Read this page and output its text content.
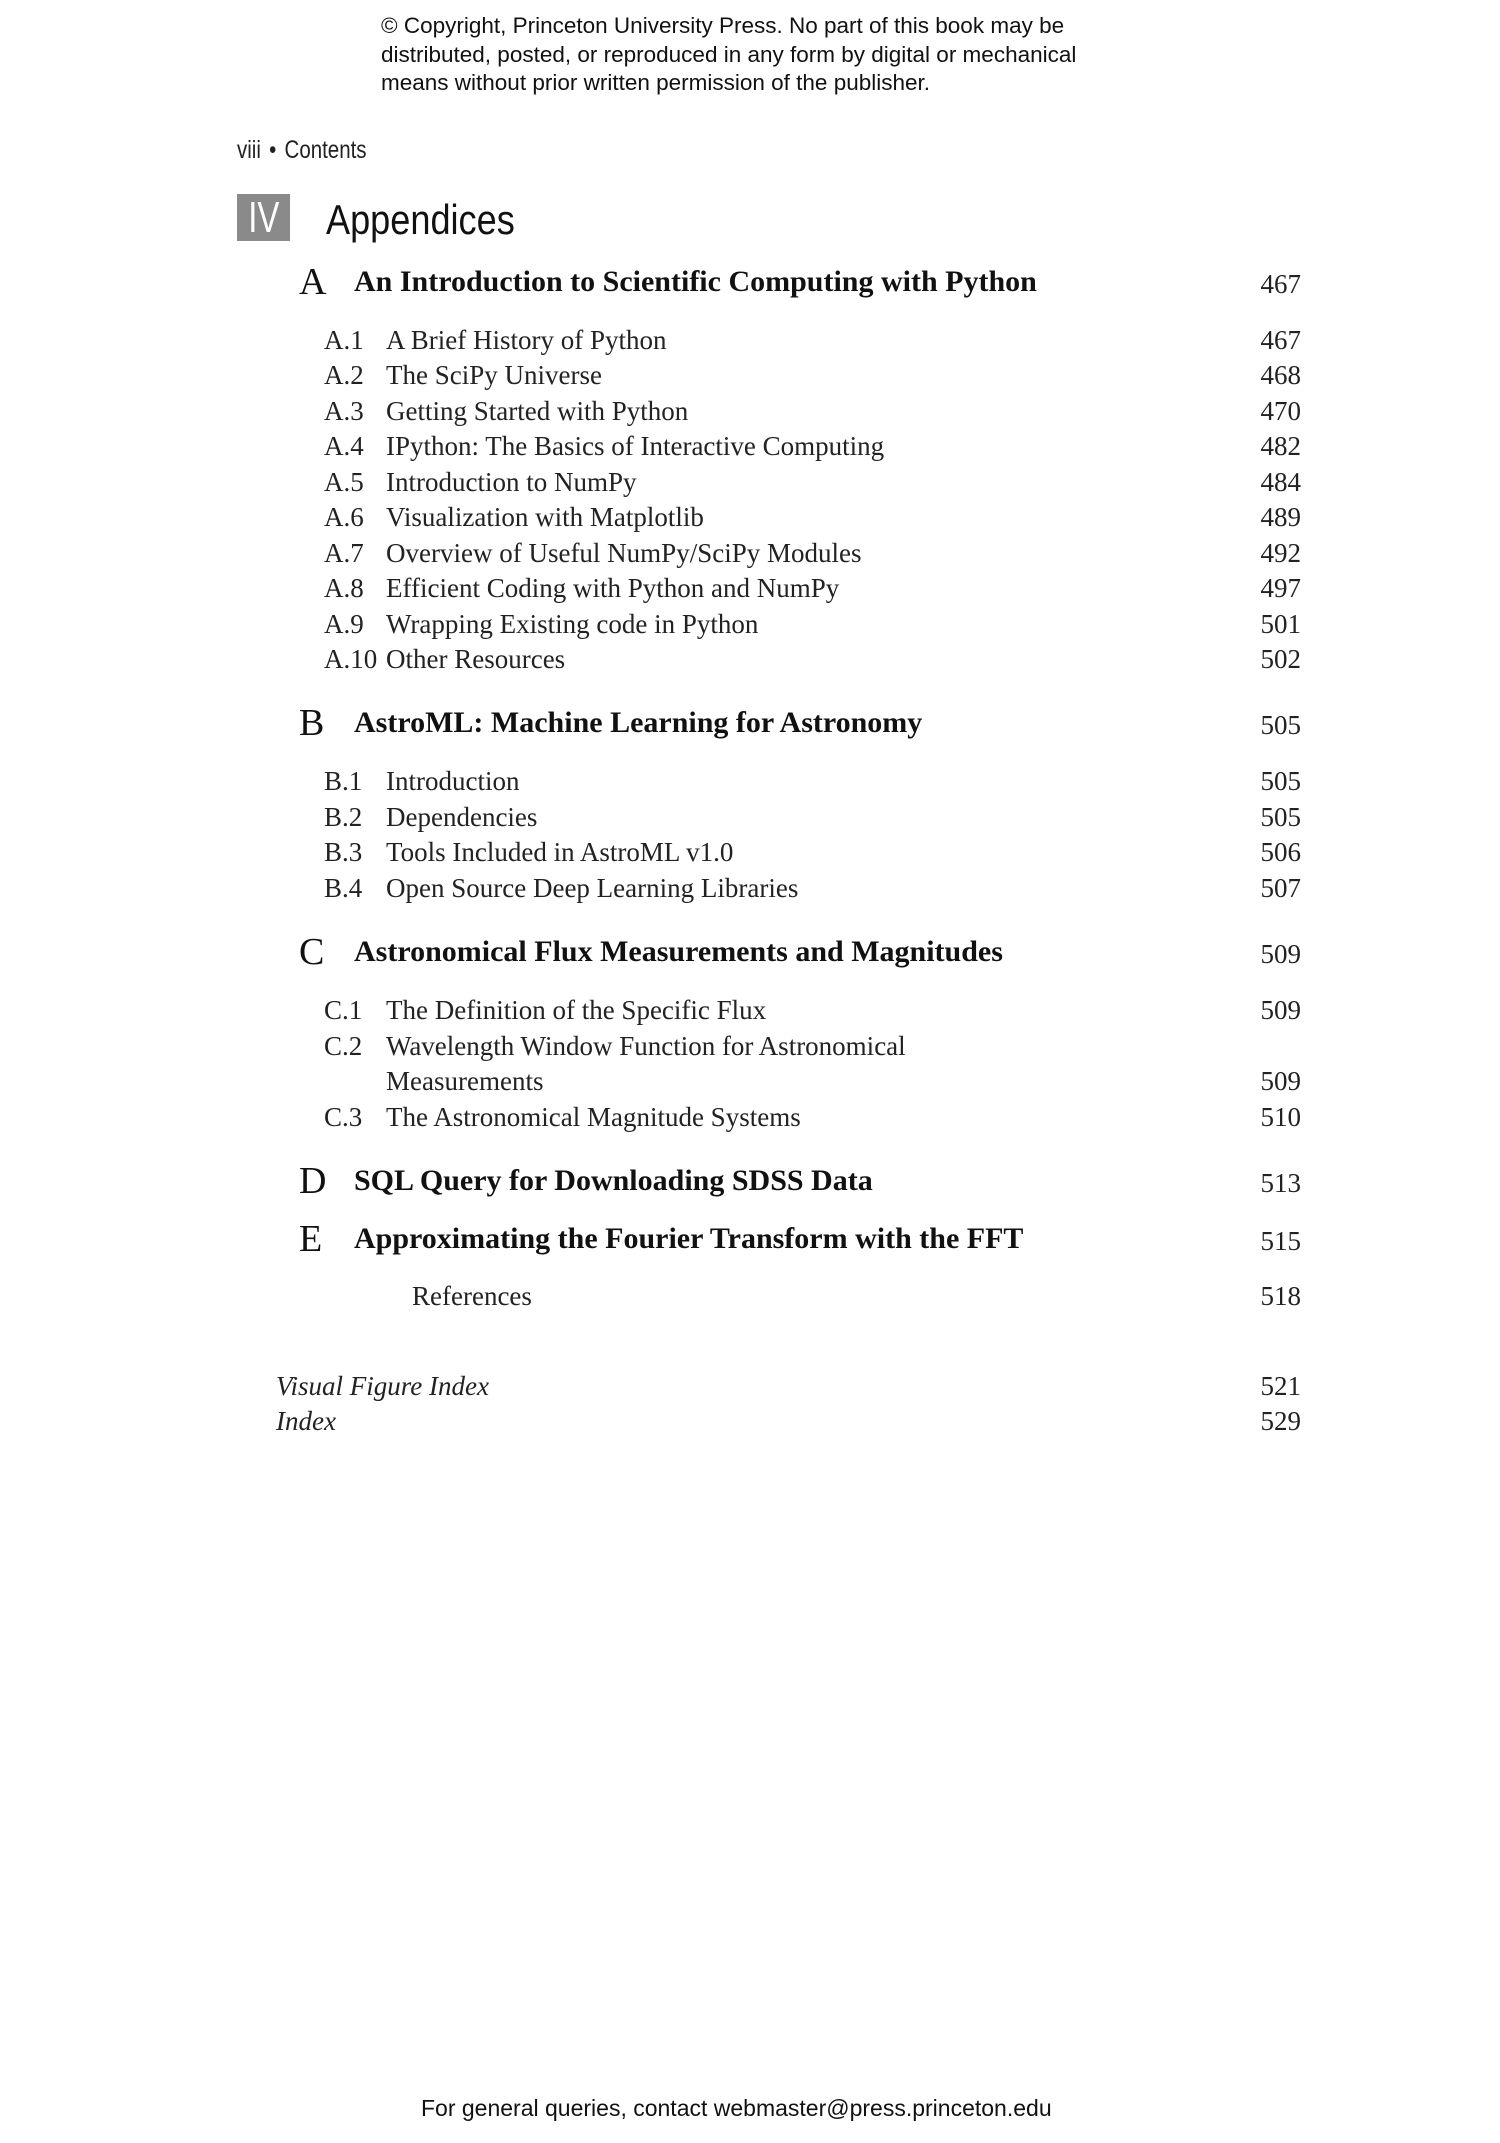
© Copyright, Princeton University Press. No part of this book may be
distributed, posted, or reproduced in any form by digital or mechanical
means without prior written permission of the publisher.
viii • Contents
IV Appendices
A An Introduction to Scientific Computing with Python	467
A.1 A Brief History of Python	467
A.2 The SciPy Universe	468
A.3 Getting Started with Python	470
A.4 IPython: The Basics of Interactive Computing	482
A.5 Introduction to NumPy	484
A.6 Visualization with Matplotlib	489
A.7 Overview of Useful NumPy/SciPy Modules	492
A.8 Efficient Coding with Python and NumPy	497
A.9 Wrapping Existing code in Python	501
A.10 Other Resources	502
B AstroML: Machine Learning for Astronomy	505
B.1 Introduction	505
B.2 Dependencies	505
B.3 Tools Included in AstroML v1.0	506
B.4 Open Source Deep Learning Libraries	507
C Astronomical Flux Measurements and Magnitudes	509
C.1 The Definition of the Specific Flux	509
C.2 Wavelength Window Function for Astronomical
Measurements	509
C.3 The Astronomical Magnitude Systems	510
D SQL Query for Downloading SDSS Data	513
E Approximating the Fourier Transform with the FFT	515
References	518
Visual Figure Index	521
Index	529
For general queries, contact webmaster@press.princeton.edu
